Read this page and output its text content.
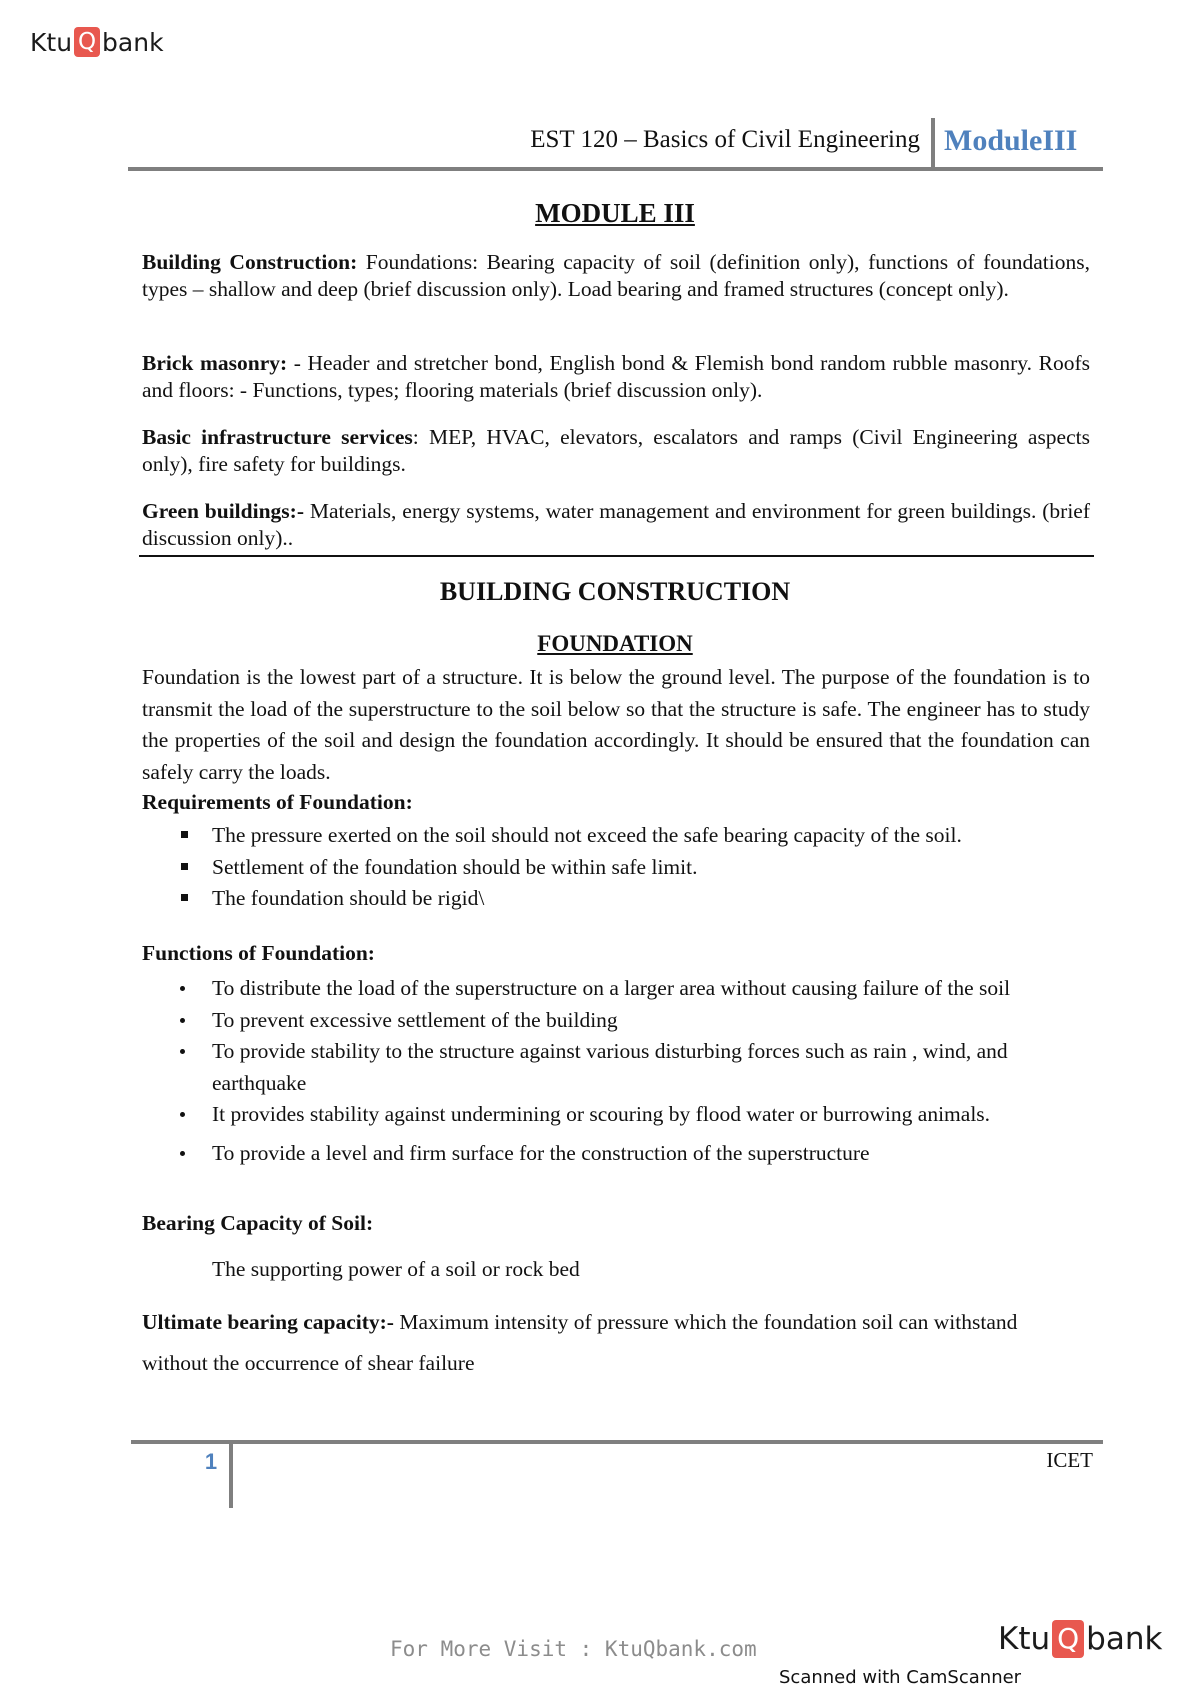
Ktu Q bank
EST 120 – Basics of Civil Engineering ModuleIII
MODULE III
Building Construction: Foundations: Bearing capacity of soil (definition only), functions of foundations, types – shallow and deep (brief discussion only). Load bearing and framed structures (concept only).
Brick masonry: - Header and stretcher bond, English bond & Flemish bond random rubble masonry. Roofs and floors: - Functions, types; flooring materials (brief discussion only).
Basic infrastructure services: MEP, HVAC, elevators, escalators and ramps (Civil Engineering aspects only), fire safety for buildings.
Green buildings:- Materials, energy systems, water management and environment for green buildings. (brief discussion only)..
BUILDING CONSTRUCTION
FOUNDATION
Foundation is the lowest part of a structure. It is below the ground level. The purpose of the foundation is to transmit the load of the superstructure to the soil below so that the structure is safe. The engineer has to study the properties of the soil and design the foundation accordingly. It should be ensured that the foundation can safely carry the loads.
Requirements of Foundation:
The pressure exerted on the soil should not exceed the safe bearing capacity of the soil.
Settlement of the foundation should be within safe limit.
The foundation should be rigid\
Functions of Foundation:
To distribute the load of the superstructure on a larger area without causing failure of the soil
To prevent excessive settlement of the building
To provide stability to the structure against various disturbing forces such as rain , wind, and earthquake
It provides stability against undermining or scouring by flood water or burrowing animals.
To provide a level and firm surface for the construction of the superstructure
Bearing Capacity of Soil:
The supporting power of a soil or rock bed
Ultimate bearing capacity:- Maximum intensity of pressure which the foundation soil can withstand without the occurrence of shear failure
1	ICET
For More Visit : KtuQbank.com	Ktu Q bank
Scanned with CamScanner
